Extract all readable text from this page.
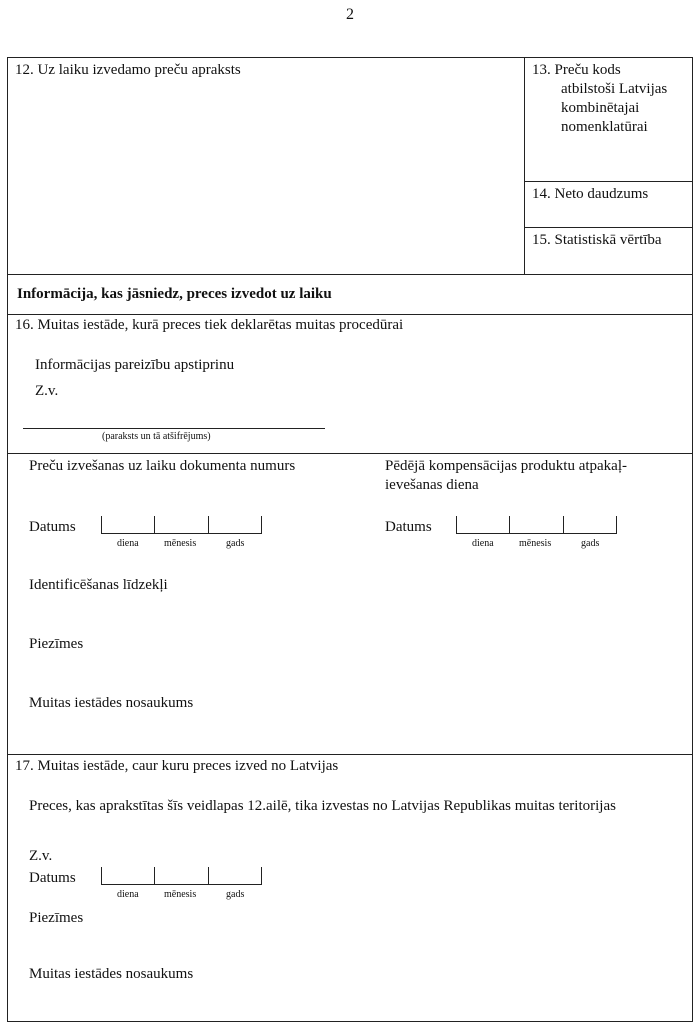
2
12. Uz laiku izvedamo preču apraksts	13. Preču kods
atbilstoši Latvijas
kombinētajai
nomenklatūrai
14. Neto daudzums
15. Statistiskā vērtība
Informācija, kas jāsniedz, preces izvedot uz laiku
16. Muitas iestāde, kurā preces tiek deklarētas muitas procedūrai
Informācijas pareizību apstiprinu
Z.v.
(paraksts un tā atšifrējums)
Preču izvešanas uz laiku dokumenta numurs	Pēdējā kompensācijas produktu atpakaļ-
ievešanas diena
Datums
diena	mēnesis	gads
Datums
diena	mēnesis	gads
Identificēšanas līdzekļi
Piezīmes
Muitas iestādes nosaukums
17. Muitas iestāde, caur kuru preces izved no Latvijas
Preces, kas aprakstītas šīs veidlapas 12.ailē, tika izvestas no Latvijas Republikas muitas teritorijas
Z.v.
Datums
diena	mēnesis	gads
Piezīmes
Muitas iestādes nosaukums
